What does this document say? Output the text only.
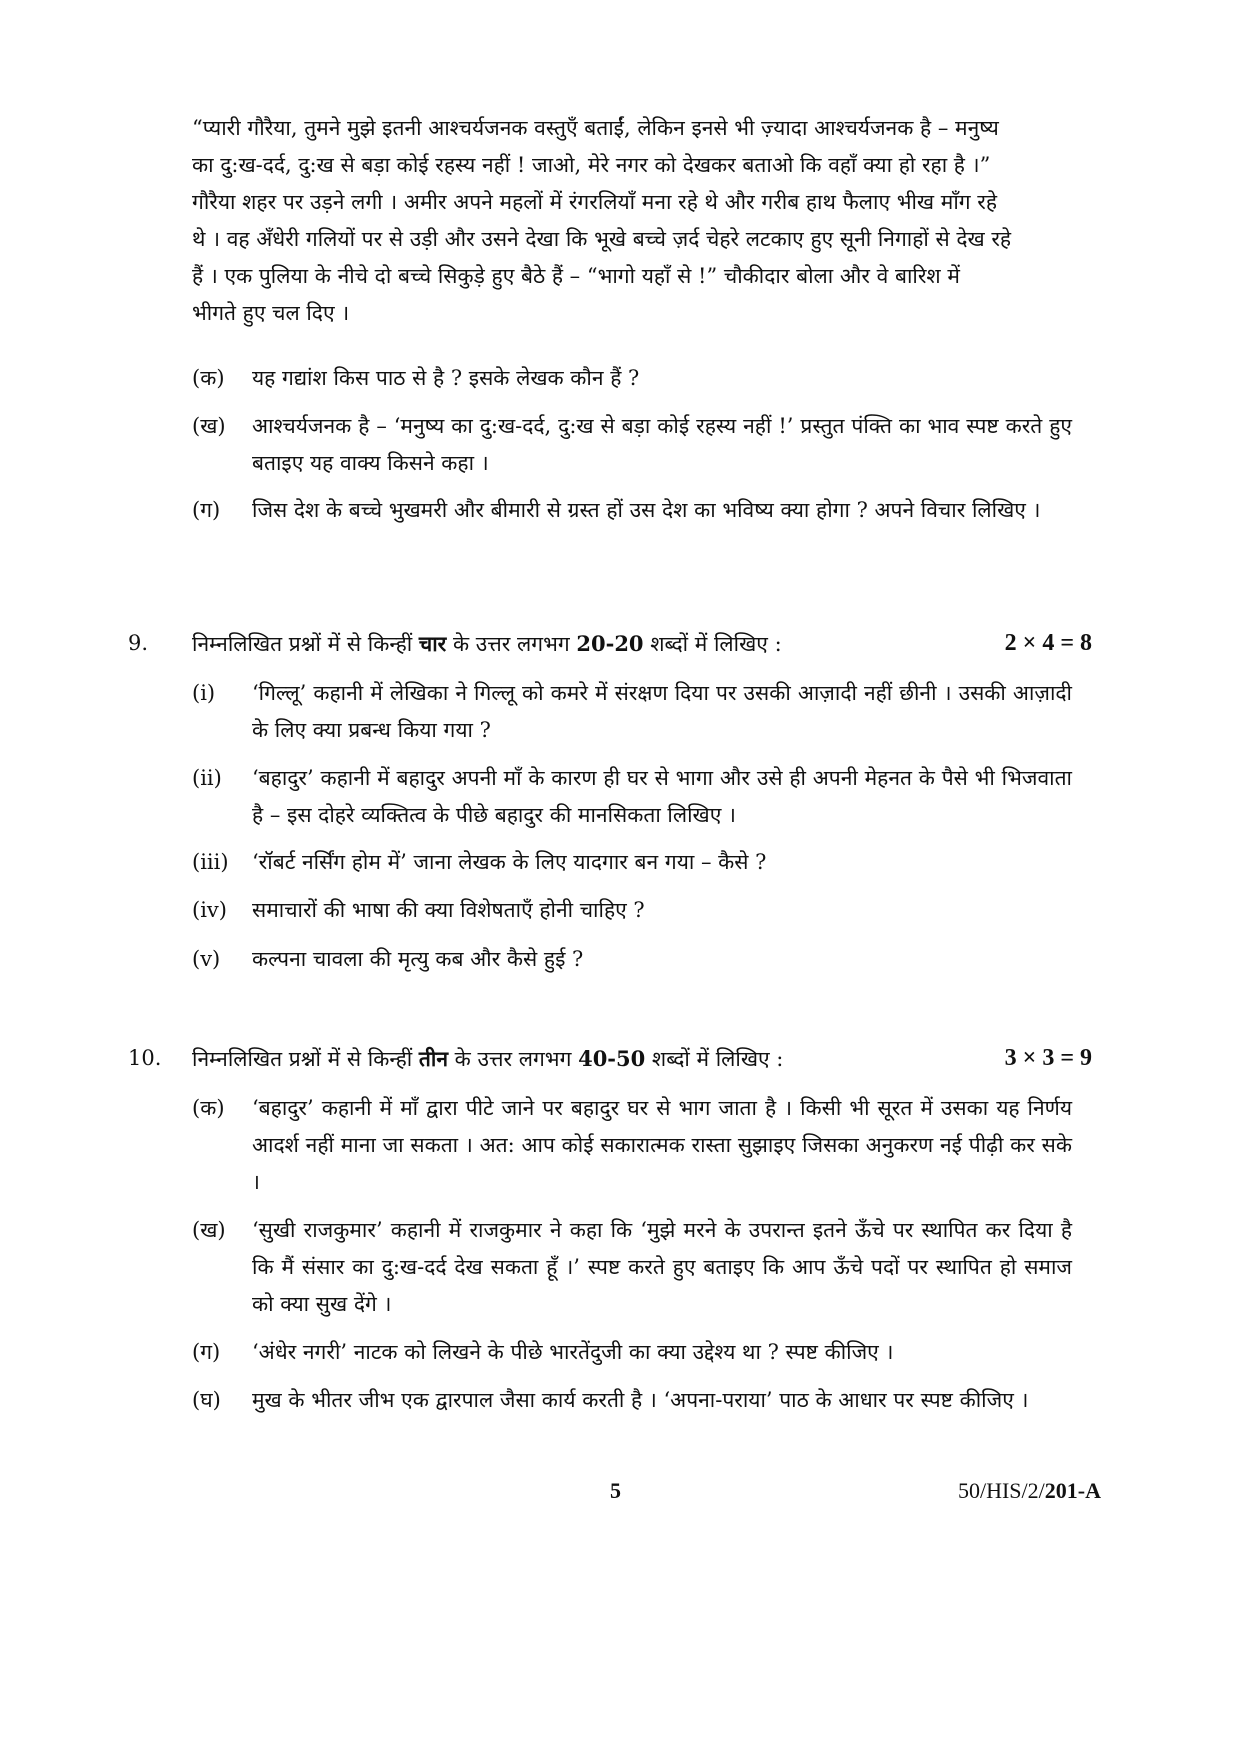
“प्यारी गौरैया, तुमने मुझे इतनी आश्चर्यजनक वस्तुएँ बताईं, लेकिन इनसे भी ज़्यादा आश्चर्यजनक है – मनुष्य
का दु:ख-दर्द, दु:ख से बड़ा कोई रहस्य नहीं ! जाओ, मेरे नगर को देखकर बताओ कि वहाँ क्या हो रहा है ।”
गौरैया शहर पर उड़ने लगी । अमीर अपने महलों में रंगरलियाँ मना रहे थे और गरीब हाथ फैलाए भीख माँग रहे
थे । वह अँधेरी गलियों पर से उड़ी और उसने देखा कि भूखे बच्चे ज़र्द चेहरे लटकाए हुए सूनी निगाहों से देख रहे
हैं । एक पुलिया के नीचे दो बच्चे सिकुड़े हुए बैठे हैं – “भागो यहाँ से !” चौकीदार बोला और वे बारिश में
भीगते हुए चल दिए ।
(क)	यह गद्यांश किस पाठ से है ? इसके लेखक कौन हैं ?
(ख)	आश्चर्यजनक है – ‘मनुष्य का दु:ख-दर्द, दु:ख से बड़ा कोई रहस्य नहीं !’ प्रस्तुत पंक्ति का भाव स्पष्ट करते हुए बताइए यह वाक्य किसने कहा ।
(ग)	जिस देश के बच्चे भुखमरी और बीमारी से ग्रस्त हों उस देश का भविष्य क्या होगा ? अपने विचार लिखिए ।
9. निम्नलिखित प्रश्नों में से किन्हीं चार के उत्तर लगभग 20-20 शब्दों में लिखिए :	2 × 4 = 8
(i)	‘गिल्लू’ कहानी में लेखिका ने गिल्लू को कमरे में संरक्षण दिया पर उसकी आज़ादी नहीं छीनी । उसकी आज़ादी के लिए क्या प्रबन्ध किया गया ?
(ii)	‘बहादुर’ कहानी में बहादुर अपनी माँ के कारण ही घर से भागा और उसे ही अपनी मेहनत के पैसे भी भिजवाता है – इस दोहरे व्यक्तित्व के पीछे बहादुर की मानसिकता लिखिए ।
(iii)	‘रॉबर्ट नर्सिंग होम में’ जाना लेखक के लिए यादगार बन गया – कैसे ?
(iv)	समाचारों की भाषा की क्या विशेषताएँ होनी चाहिए ?
(v)	कल्पना चावला की मृत्यु कब और कैसे हुई ?
10. निम्नलिखित प्रश्नों में से किन्हीं तीन के उत्तर लगभग 40-50 शब्दों में लिखिए :	3 × 3 = 9
(क)	‘बहादुर’ कहानी में माँ द्वारा पीटे जाने पर बहादुर घर से भाग जाता है । किसी भी सूरत में उसका यह निर्णय आदर्श नहीं माना जा सकता । अत: आप कोई सकारात्मक रास्ता सुझाइए जिसका अनुकरण नई पीढ़ी कर सके ।
(ख)	‘सुखी राजकुमार’ कहानी में राजकुमार ने कहा कि ‘मुझे मरने के उपरान्त इतने ऊँचे पर स्थापित कर दिया है कि मैं संसार का दु:ख-दर्द देख सकता हूँ ।’ स्पष्ट करते हुए बताइए कि आप ऊँचे पदों पर स्थापित हो समाज को क्या सुख देंगे ।
(ग)	‘अंधेर नगरी’ नाटक को लिखने के पीछे भारतेंदुजी का क्या उद्देश्य था ? स्पष्ट कीजिए ।
(घ)	मुख के भीतर जीभ एक द्वारपाल जैसा कार्य करती है । ‘अपना-पराया’ पाठ के आधार पर स्पष्ट कीजिए ।
5	50/HIS/2/201-A
